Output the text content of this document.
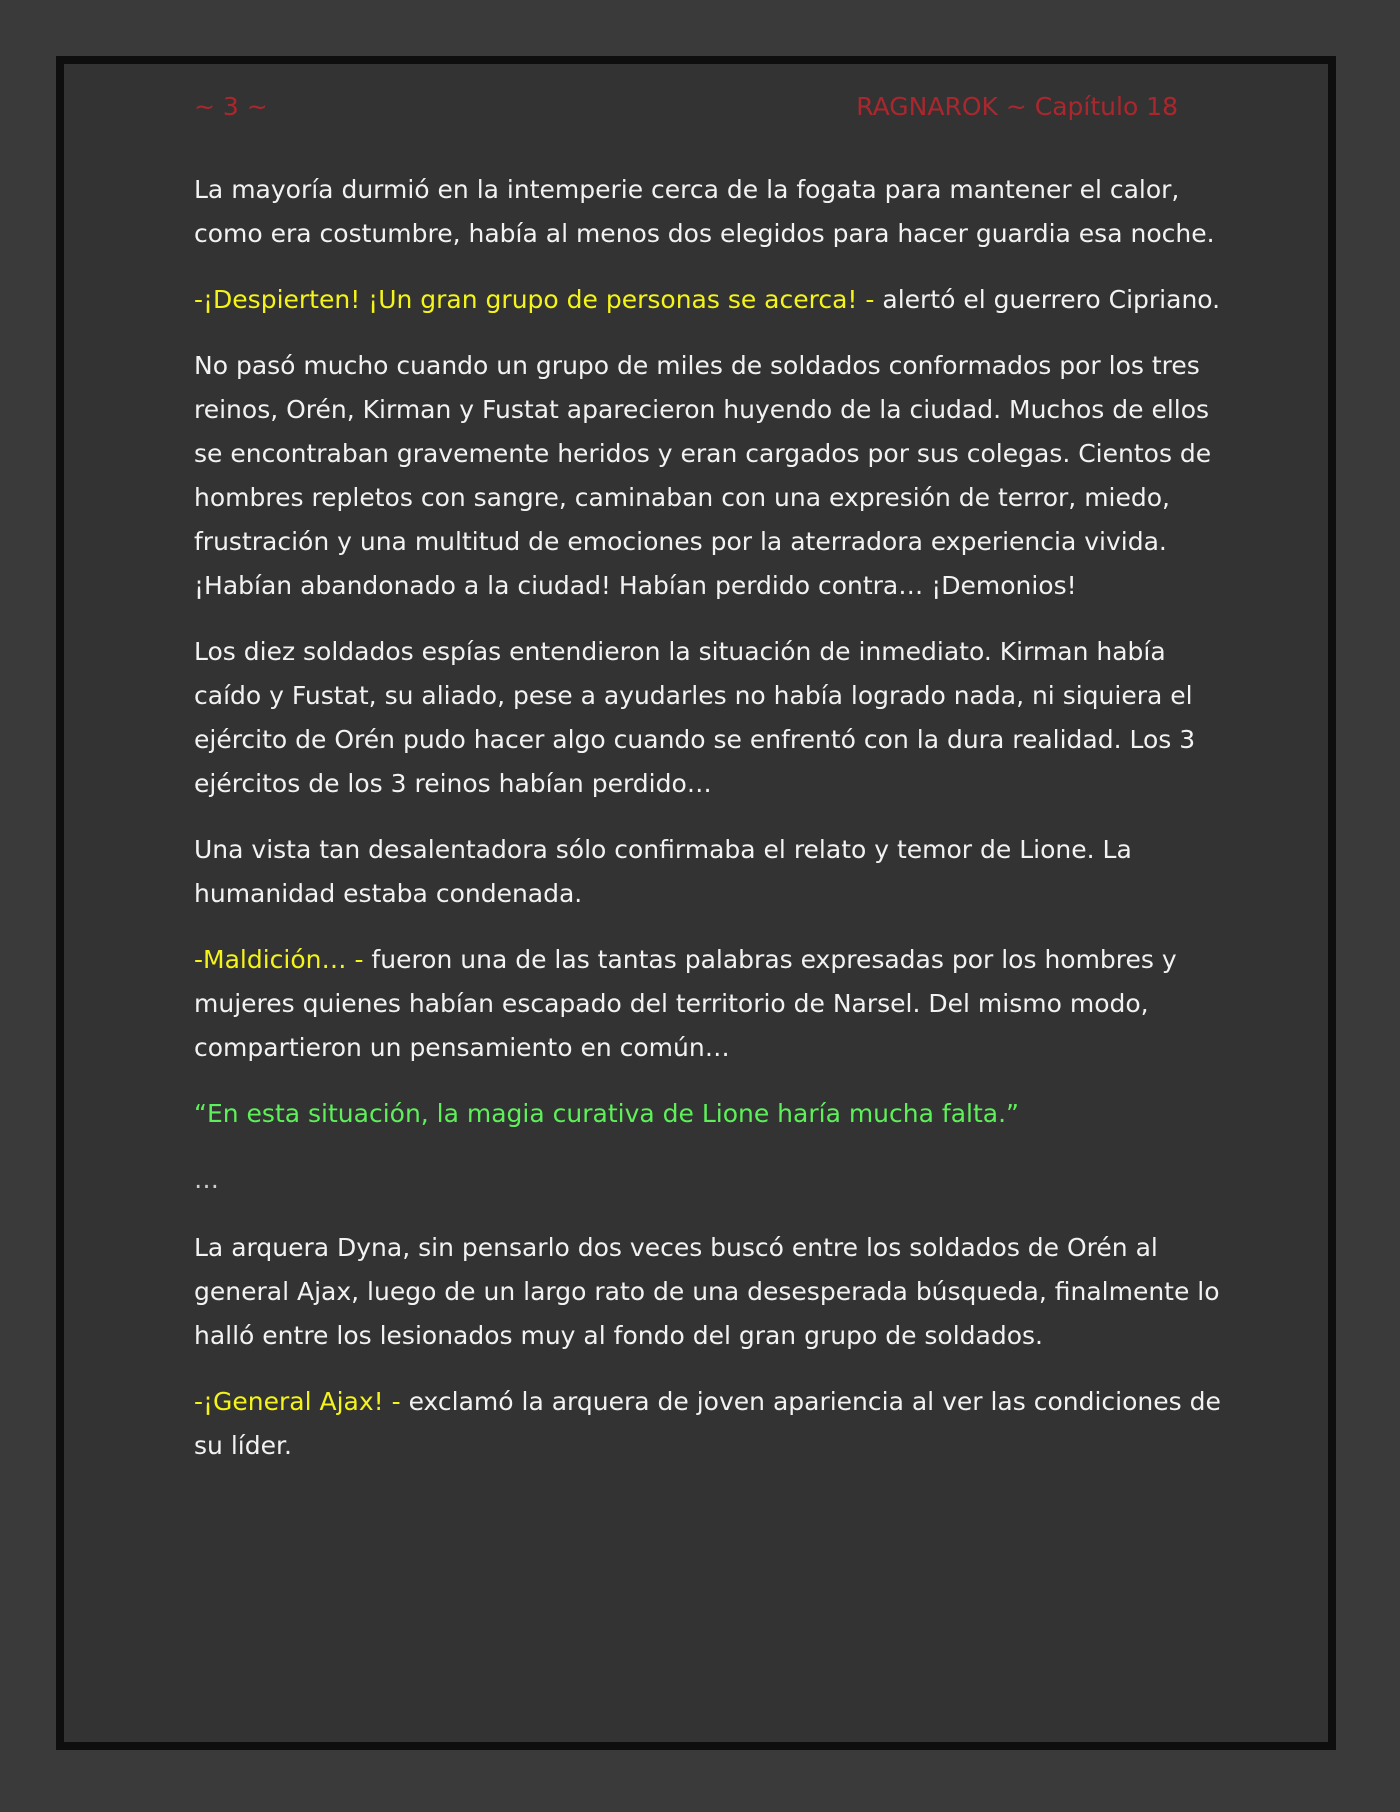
~ 3 ~	RAGNAROK ~ Capítulo 18

La mayoría durmió en la intemperie cerca de la fogata para mantener el calor, como era costumbre, había al menos dos elegidos para hacer guardia esa noche.

-¡Despierten! ¡Un gran grupo de personas se acerca! - alertó el guerrero Cipriano.

No pasó mucho cuando un grupo de miles de soldados conformados por los tres reinos, Orén, Kirman y Fustat aparecieron huyendo de la ciudad. Muchos de ellos se encontraban gravemente heridos y eran cargados por sus colegas. Cientos de hombres repletos con sangre, caminaban con una expresión de terror, miedo, frustración y una multitud de emociones por la aterradora experiencia vivida. ¡Habían abandonado a la ciudad! Habían perdido contra… ¡Demonios!

Los diez soldados espías entendieron la situación de inmediato. Kirman había caído y Fustat, su aliado, pese a ayudarles no había logrado nada, ni siquiera el ejército de Orén pudo hacer algo cuando se enfrentó con la dura realidad. Los 3 ejércitos de los 3 reinos habían perdido…

Una vista tan desalentadora sólo confirmaba el relato y temor de Lione. La humanidad estaba condenada.

-Maldición… - fueron una de las tantas palabras expresadas por los hombres y mujeres quienes habían escapado del territorio de Narsel. Del mismo modo, compartieron un pensamiento en común…

“En esta situación, la magia curativa de Lione haría mucha falta.”

…

La arquera Dyna, sin pensarlo dos veces buscó entre los soldados de Orén al general Ajax, luego de un largo rato de una desesperada búsqueda, finalmente lo halló entre los lesionados muy al fondo del gran grupo de soldados.

-¡General Ajax! - exclamó la arquera de joven apariencia al ver las condiciones de su líder.
